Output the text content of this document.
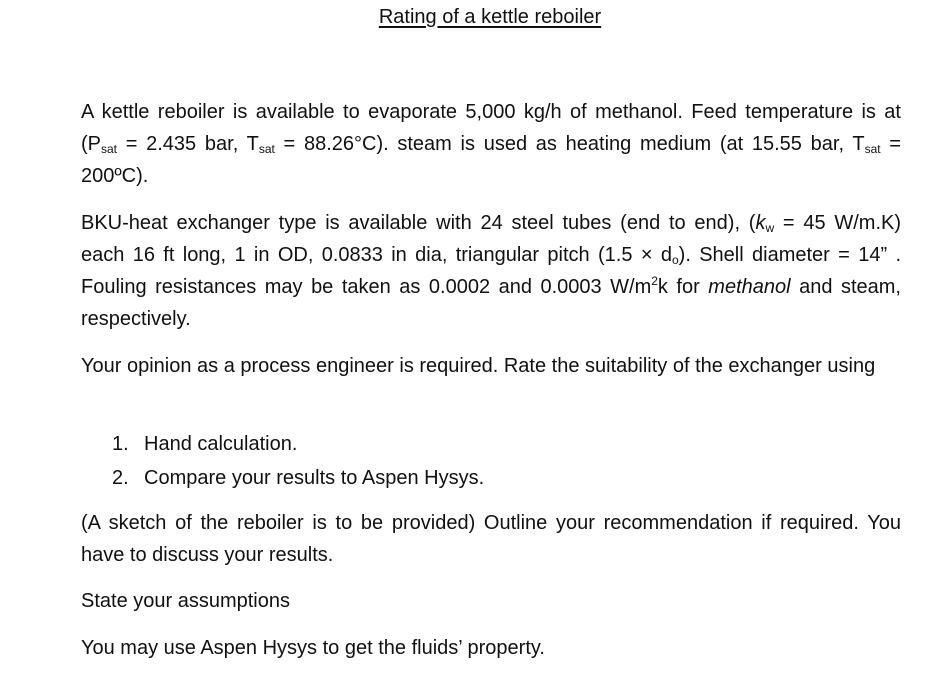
Rating of a kettle reboiler

A kettle reboiler is available to evaporate 5,000 kg/h of methanol. Feed temperature is at ($P_{sat} = 2.435$ bar, $T_{sat} = 88.26^\circ C$). steam is used as heating medium (at 15.55 bar, $T_{sat}$ = 200ºC).

BKU-heat exchanger type is available with 24 steel tubes (end to end), ($k_w = 45$ W/m.K) each 16 ft long, 1 in OD, 0.0833 in dia, triangular pitch $(1.5 \times d_o)$. Shell diameter = 14” . Fouling resistances may be taken as 0.0002 and 0.0003 $W/m^2k$ for methanol and steam, respectively.

Your opinion as a process engineer is required. Rate the suitability of the exchanger using

1. Hand calculation.
2. Compare your results to Aspen Hysys.

(A sketch of the reboiler is to be provided) Outline your recommendation if required. You have to discuss your results.

State your assumptions

You may use Aspen Hysys to get the fluids’ property.
